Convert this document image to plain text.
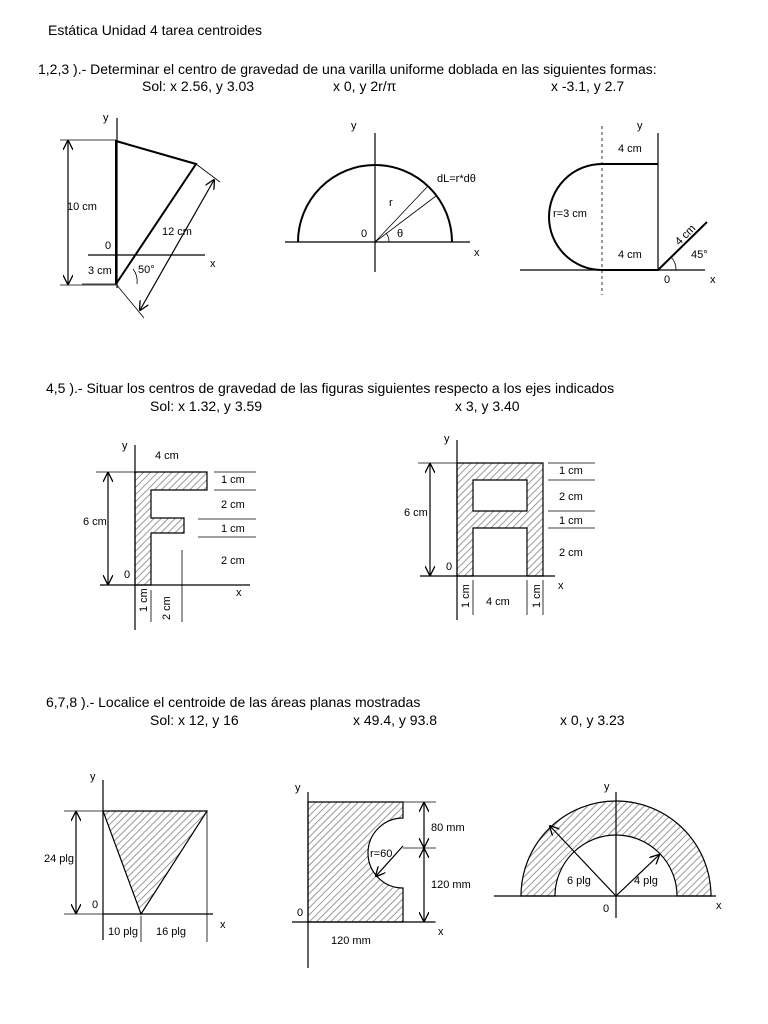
Estática Unidad 4 tarea centroides
1,2,3 ).- Determinar el centro de gravedad de una varilla uniforme doblada en las siguientes formas:
Sol: x 2.56, y 3.03	x 0, y 2r/π	x -3.1, y 2.7
4,5 ).- Situar los centros de gravedad de las figuras siguientes respecto a los ejes indicados
Sol: x 1.32, y 3.59	x 3, y 3.40
6,7,8 ).- Localice el centroide de las áreas planas mostradas
Sol: x 12, y 16	x 49.4, y 93.8	x 0, y 3.23
y
x
0
10 cm
12 cm
3 cm 50°
y
x
0
dL=r*dθ
r
θ
y
x
0
4 cm
r=3 cm
4 cm
4 cm
45°
y
x
0
4 cm
6 cm
1 cm
2 cm
1 cm
2 cm
1 cm 2 cm
y
x
0
6 cm
1 cm
2 cm
1 cm
2 cm
1 cm 4 cm 1 cm
y
x
0
24 plg
10 plg 16 plg
y
x
0
r=60
80 mm
120 mm
120 mm
y
x
0
6 plg	4 plg
